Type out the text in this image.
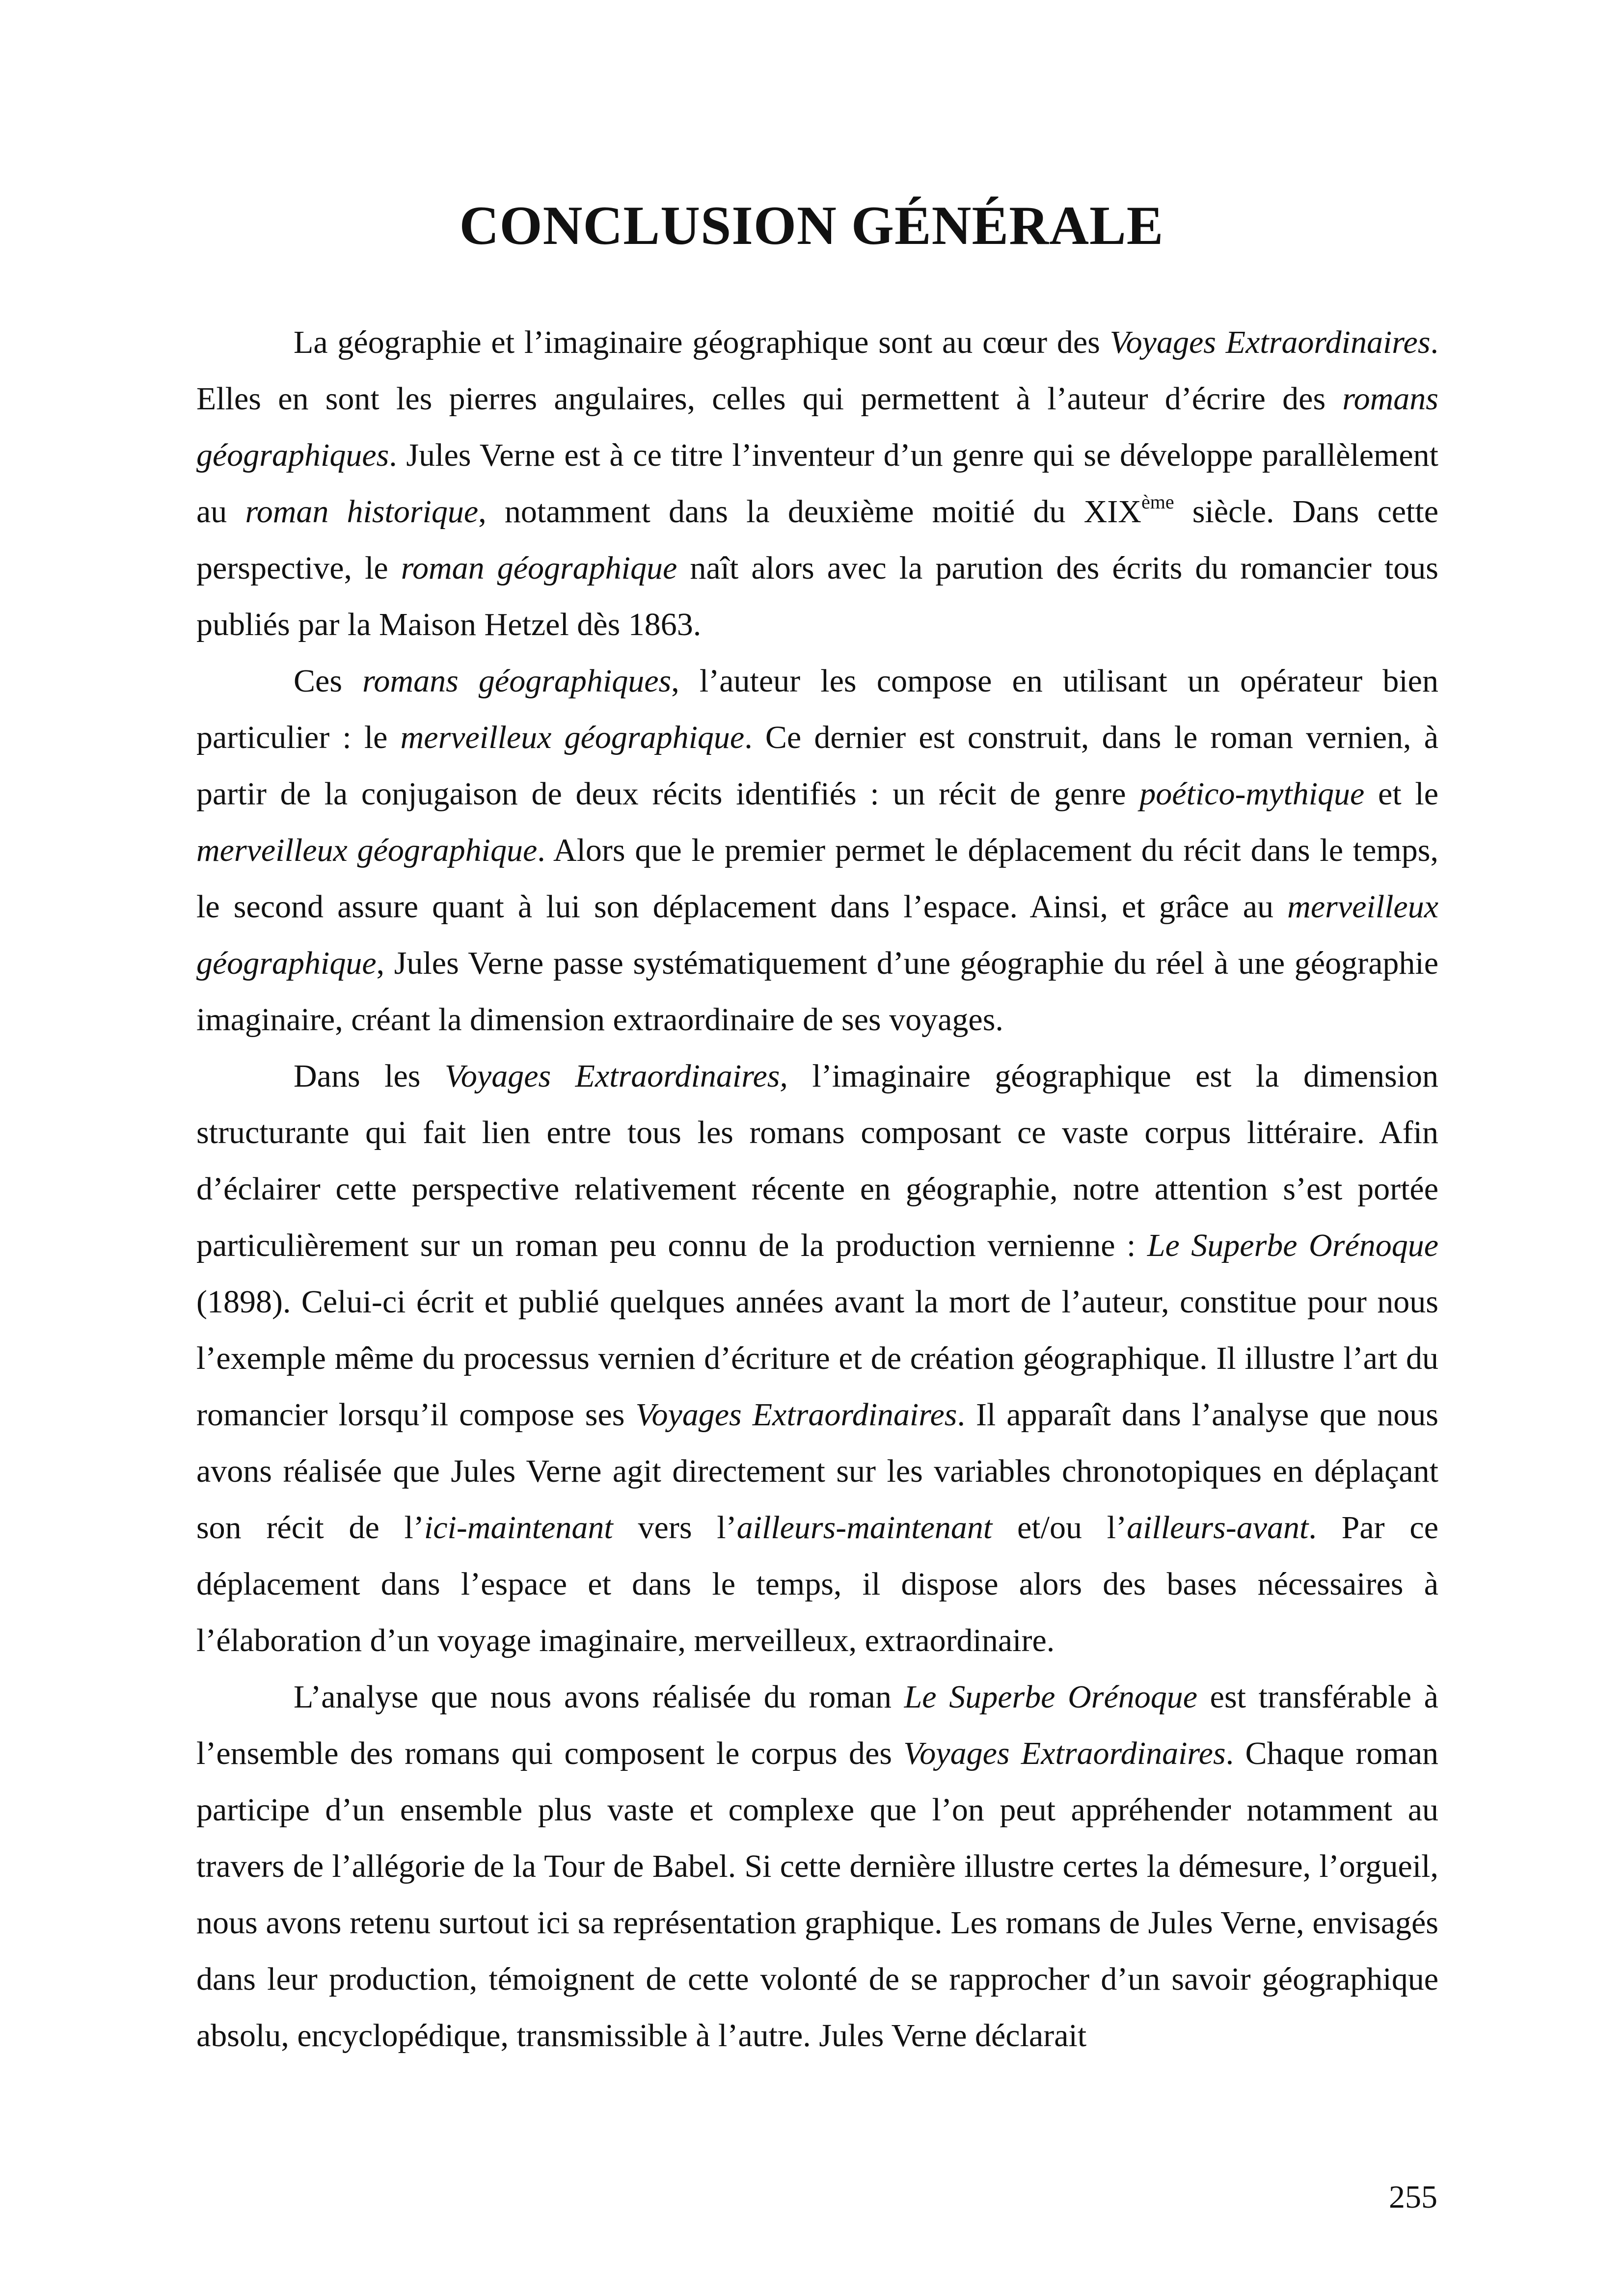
CONCLUSION GÉNÉRALE

La géographie et l’imaginaire géographique sont au cœur des Voyages Extraordinaires. Elles en sont les pierres angulaires, celles qui permettent à l’auteur d’écrire des romans géographiques. Jules Verne est à ce titre l’inventeur d’un genre qui se développe parallèlement au roman historique, notamment dans la deuxième moitié du XIXème siècle. Dans cette perspective, le roman géographique naît alors avec la parution des écrits du romancier tous publiés par la Maison Hetzel dès 1863.

Ces romans géographiques, l’auteur les compose en utilisant un opérateur bien particulier : le merveilleux géographique. Ce dernier est construit, dans le roman vernien, à partir de la conjugaison de deux récits identifiés : un récit de genre poético-mythique et le merveilleux géographique. Alors que le premier permet le déplacement du récit dans le temps, le second assure quant à lui son déplacement dans l’espace. Ainsi, et grâce au merveilleux géographique, Jules Verne passe systématiquement d’une géographie du réel à une géographie imaginaire, créant la dimension extraordinaire de ses voyages.

Dans les Voyages Extraordinaires, l’imaginaire géographique est la dimension structurante qui fait lien entre tous les romans composant ce vaste corpus littéraire. Afin d’éclairer cette perspective relativement récente en géographie, notre attention s’est portée particulièrement sur un roman peu connu de la production vernienne : Le Superbe Orénoque (1898). Celui-ci écrit et publié quelques années avant la mort de l’auteur, constitue pour nous l’exemple même du processus vernien d’écriture et de création géographique. Il illustre l’art du romancier lorsqu’il compose ses Voyages Extraordinaires. Il apparaît dans l’analyse que nous avons réalisée que Jules Verne agit directement sur les variables chronotopiques en déplaçant son récit de l’ici-maintenant vers l’ailleurs-maintenant et/ou l’ailleurs-avant. Par ce déplacement dans l’espace et dans le temps, il dispose alors des bases nécessaires à l’élaboration d’un voyage imaginaire, merveilleux, extraordinaire.

L’analyse que nous avons réalisée du roman Le Superbe Orénoque est transférable à l’ensemble des romans qui composent le corpus des Voyages Extraordinaires. Chaque roman participe d’un ensemble plus vaste et complexe que l’on peut appréhender notamment au travers de l’allégorie de la Tour de Babel. Si cette dernière illustre certes la démesure, l’orgueil, nous avons retenu surtout ici sa représentation graphique. Les romans de Jules Verne, envisagés dans leur production, témoignent de cette volonté de se rapprocher d’un savoir géographique absolu, encyclopédique, transmissible à l’autre. Jules Verne déclarait

255
